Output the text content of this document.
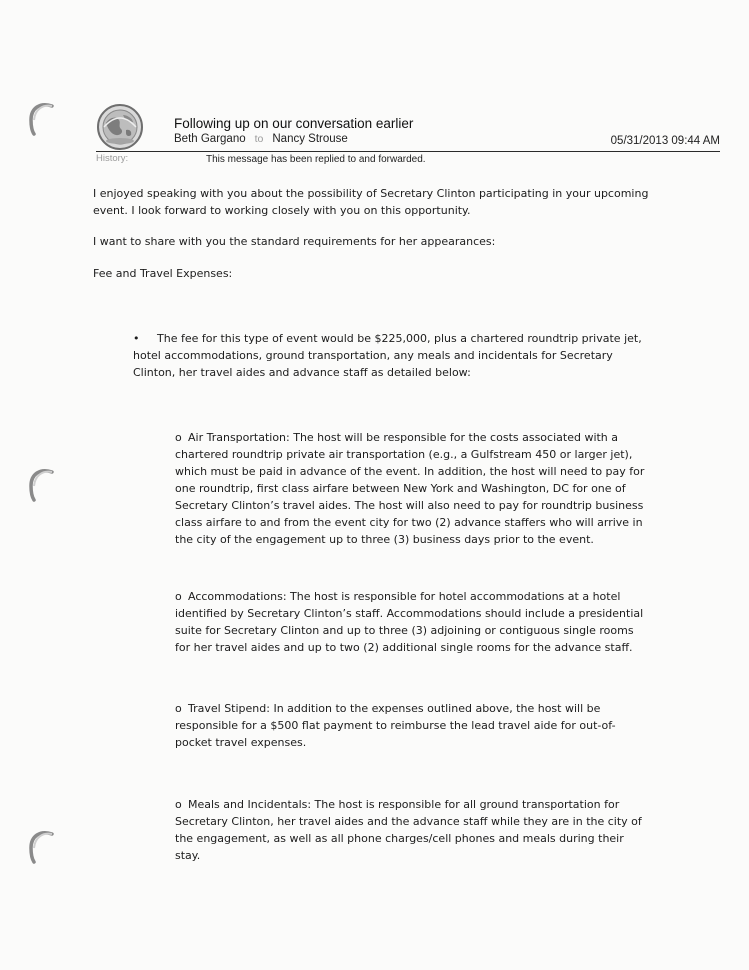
Following up on our conversation earlier
Beth Gargano to Nancy Strouse	05/31/2013 09:44 AM
History:	This message has been replied to and forwarded.
I enjoyed speaking with you about the possibility of Secretary Clinton participating in your upcoming event. I look forward to working closely with you on this opportunity.
I want to share with you the standard requirements for her appearances:
Fee and Travel Expenses:
•	The fee for this type of event would be $225,000, plus a chartered roundtrip private jet, hotel accommodations, ground transportation, any meals and incidentals for Secretary Clinton, her travel aides and advance staff as detailed below:
o Air Transportation: The host will be responsible for the costs associated with a chartered roundtrip private air transportation (e.g., a Gulfstream 450 or larger jet), which must be paid in advance of the event. In addition, the host will need to pay for one roundtrip, first class airfare between New York and Washington, DC for one of Secretary Clinton’s travel aides. The host will also need to pay for roundtrip business class airfare to and from the event city for two (2) advance staffers who will arrive in the city of the engagement up to three (3) business days prior to the event.
o Accommodations: The host is responsible for hotel accommodations at a hotel identified by Secretary Clinton’s staff. Accommodations should include a presidential suite for Secretary Clinton and up to three (3) adjoining or contiguous single rooms for her travel aides and up to two (2) additional single rooms for the advance staff.
o Travel Stipend: In addition to the expenses outlined above, the host will be responsible for a $500 flat payment to reimburse the lead travel aide for out-of-pocket travel expenses.
o Meals and Incidentals: The host is responsible for all ground transportation for Secretary Clinton, her travel aides and the advance staff while they are in the city of the engagement, as well as all phone charges/cell phones and meals during their stay.
